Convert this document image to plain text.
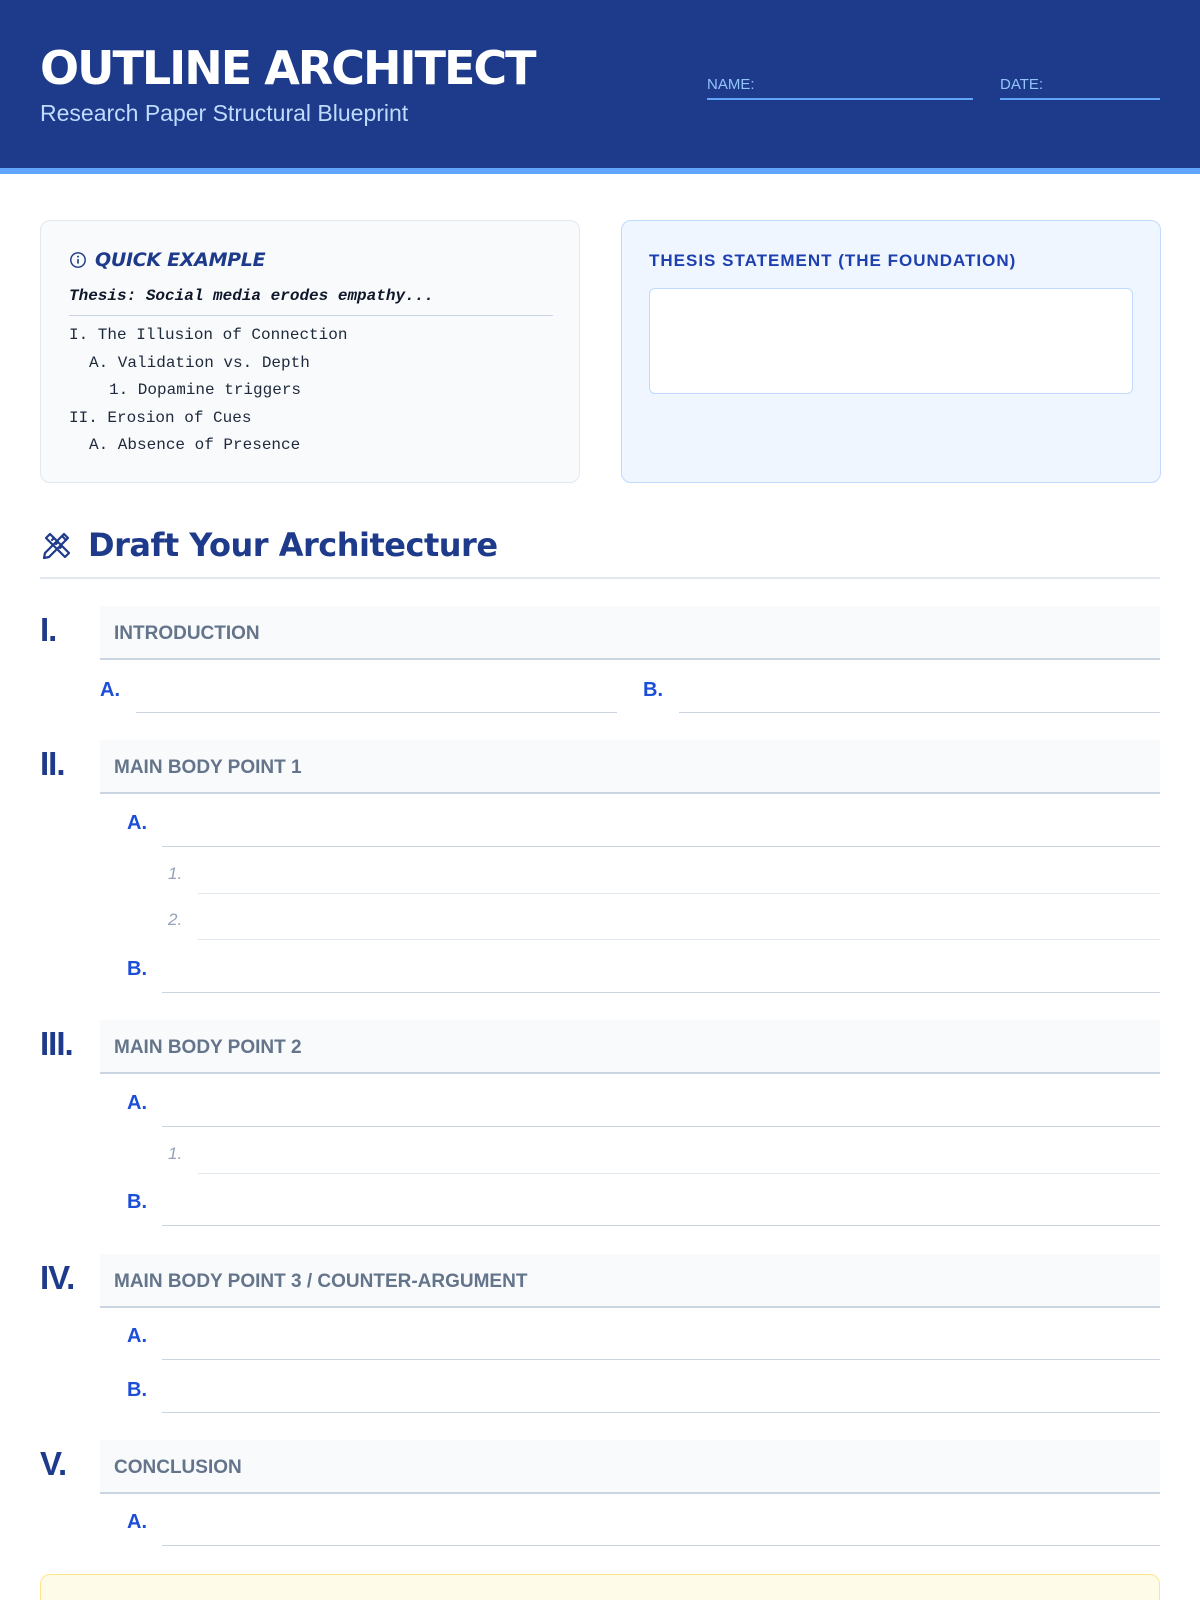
OUTLINE ARCHITECT
Research Paper Structural Blueprint
NAME:	DATE:
QUICK EXAMPLE
Thesis: Social media erodes empathy...
I. The Illusion of Connection
A. Validation vs. Depth
1. Dopamine triggers
II. Erosion of Cues
A. Absence of Presence
THESIS STATEMENT (THE FOUNDATION)
Draft Your Architecture
I.	INTRODUCTION
A.	B.
II.	MAIN BODY POINT 1
A.
1.
2.
B.
III. MAIN BODY POINT 2
A.
1.
B.
IV. MAIN BODY POINT 3 / COUNTER-ARGUMENT
A.
B.
V.	CONCLUSION
A.
